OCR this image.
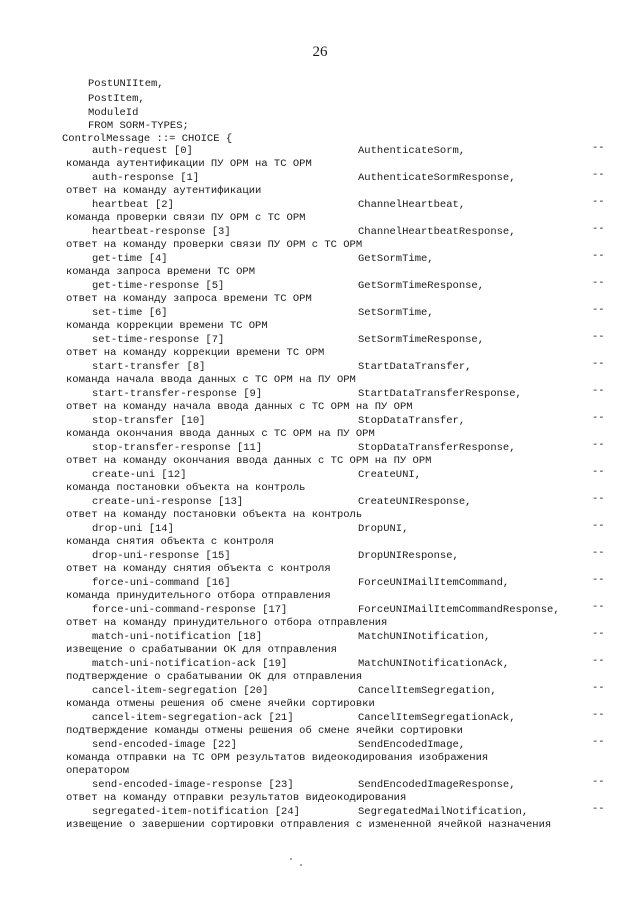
26
PostUNIItem,
PostItem,
ModuleId
FROM SORM-TYPES;
ControlMessage ::= CHOICE {
auth-request [0]	AuthenticateSorm,	--
команда аутентификации ПУ ОРМ на ТС ОРМ
auth-response [1]	AuthenticateSormResponse,	--
ответ на команду аутентификации
heartbeat [2]	ChannelHeartbeat,	--
команда проверки связи ПУ ОРМ с ТС ОРМ
heartbeat-response [3]	ChannelHeartbeatResponse,	--
ответ на команду проверки связи ПУ ОРМ с ТС ОРМ
get-time [4]	GetSormTime,	--
команда запроса времени ТС ОРМ
get-time-response [5]	GetSormTimeResponse,	--
ответ на команду запроса времени ТС ОРМ
set-time [6]	SetSormTime,	--
команда коррекции времени ТС ОРМ
set-time-response [7]	SetSormTimeResponse,	--
ответ на команду коррекции времени ТС ОРМ
start-transfer [8]	StartDataTransfer,	--
команда начала ввода данных с ТС ОРМ на ПУ ОРМ
start-transfer-response [9]	StartDataTransferResponse,	--
ответ на команду начала ввода данных с ТС ОРМ на ПУ ОРМ
stop-transfer [10]	StopDataTransfer,	--
команда окончания ввода данных с ТС ОРМ на ПУ ОРМ
stop-transfer-response [11]	StopDataTransferResponse,	--
ответ на команду окончания ввода данных с ТС ОРМ на ПУ ОРМ
create-uni [12]	CreateUNI,	--
команда постановки объекта на контроль
create-uni-response [13]	CreateUNIResponse,	--
ответ на команду постановки объекта на контроль
drop-uni [14]	DropUNI,	--
команда снятия объекта с контроля
drop-uni-response [15]	DropUNIResponse,	--
ответ на команду снятия объекта с контроля
force-uni-command [16]	ForceUNIMailItemCommand,	--
команда принудительного отбора отправления
force-uni-command-response [17]	ForceUNIMailItemCommandResponse,	--
ответ на команду принудительного отбора отправления
match-uni-notification [18]	MatchUNINotification,	--
извещение о срабатывании ОК для отправления
match-uni-notification-ack [19]	MatchUNINotificationAck,	--
подтверждение о срабатывании ОК для отправления
cancel-item-segregation [20]	CancelItemSegregation,	--
команда отмены решения об смене ячейки сортировки
cancel-item-segregation-ack [21]	CancelItemSegregationAck,	--
подтверждение команды отмены решения об смене ячейки сортировки
send-encoded-image [22]	SendEncodedImage,	--
команда отправки на ТС ОРМ результатов видеокодирования изображения
оператором
send-encoded-image-response [23]	SendEncodedImageResponse,	--
ответ на команду отправки результатов видеокодирования
segregated-item-notification [24]	SegregatedMailNotification,	--
извещение о завершении сортировки отправления с измененной ячейкой назначения
